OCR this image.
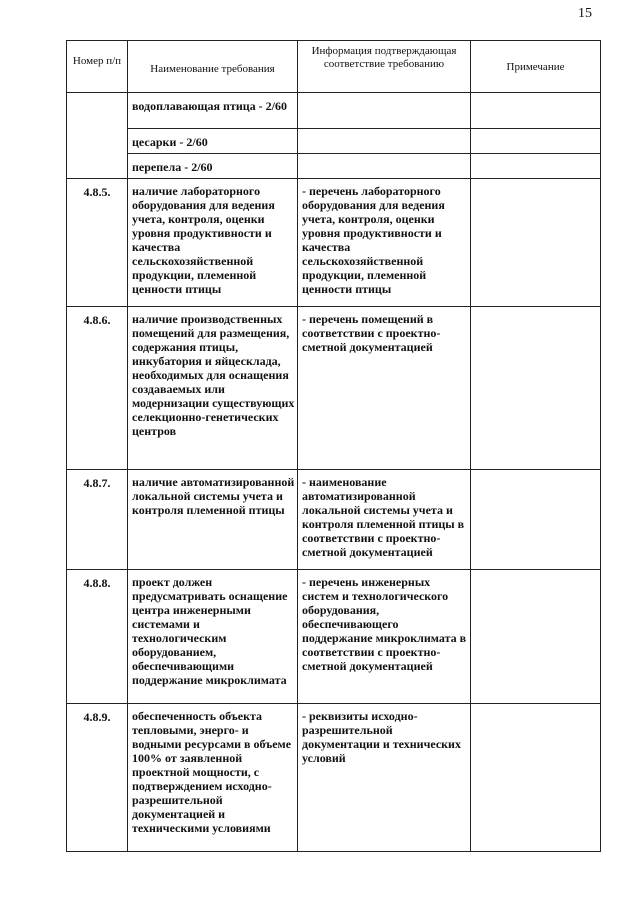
15
Номер п/п	Наименование требования	Информация подтверждающая соответствие требованию	Примечание
	водоплавающая птица - 2/60		
	цесарки - 2/60		
	перепела - 2/60		
4.8.5.	наличие лабораторного оборудования для ведения учета, контроля, оценки уровня продуктивности и качества сельскохозяйственной продукции, племенной ценности птицы	- перечень лабораторного оборудования для ведения учета, контроля, оценки уровня продуктивности и качества сельскохозяйственной продукции, племенной ценности птицы	
4.8.6.	наличие производственных помещений для размещения, содержания птицы, инкубатория и яйцесклада, необходимых для оснащения создаваемых или модернизации существующих селекционно-генетических центров	- перечень помещений в соответствии с проектно-сметной документацией	
4.8.7.	наличие автоматизированной локальной системы учета и контроля племенной птицы	- наименование автоматизированной локальной системы учета и контроля племенной птицы в соответствии с проектно-сметной документацией	
4.8.8.	проект должен предусматривать оснащение центра инженерными системами и технологическим оборудованием, обеспечивающими поддержание микроклимата	- перечень инженерных систем и технологического оборудования, обеспечивающего поддержание микроклимата в соответствии с проектно-сметной документацией	
4.8.9.	обеспеченность объекта тепловыми, энерго- и водными ресурсами в объеме 100% от заявленной проектной мощности, с подтверждением исходно-разрешительной документацией и техническими условиями	- реквизиты исходно-разрешительной документации и технических условий	
